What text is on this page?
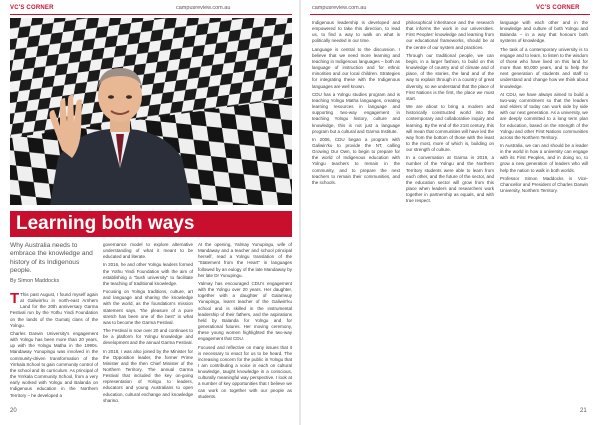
VC'S CORNER	campusreview.com.au
Learning both ways
Why Australia needs to embrace the knowledge and history of its Indigenous people.
By Simon Maddocks

T This past August, I found myself again at Galiwin'ku in north-east Arnhem Land for the 20th anniversary Garma Festival run by the Yothu Yindi Foundation on the lands of the Gumatj clans of the Yolngu.

Charles Darwin University's engagement with Yolngu has been more than 20 years, up with the Yolngu Matha in the 1990s. Mandaway Yunupingu was involved in the community-driven transformation of the Yirrkala School to gain community control of the school and its curriculum. As principal of the Yirrkala Community School, from a very early worked with Yolngu and Balanda on Indigenous education in the Northern Territory – he developed a

governance model to explore alternative understanding of what it meant to be educated and literate.

In 2016, he and other Yolngu leaders formed the Yothu Yindi Foundation with the aim of establishing a "bush university" to facilitate the teaching of traditional knowledge.

Focusing on Yolngu traditions, culture, art and language and sharing the knowledge with the world, as the foundation's mission statement says, "the pleasure of a pure stretch has been one of the best" in what was to become the Garma Festival.

The Festival is now over 20 and continues to be a platform for Yolngu knowledge and development and the annual Garma Festival.

In 2018, I was also joined by the Minister for the Opposition leader, the former Prime Minister and the then Chief Minister of the Northern Territory. The annual Garma Festival that included the key on-going representation of Yolngu to leaders, educators and young Australians to open education, cultural exchange and knowledge sharing.

At the opening, Yalmay Yunupingu, wife of Mandaway and a teacher and school principal herself, read a Yolngu translation of the "Statement from the Heart" in languages followed by an eulogy of the late Mandaway by her late Dr Yunupingu.

Yalmay has encouraged CDU's engagement with the Yolngu over 20 years. Her daughter, together with a daughter of Galarrwuy Yunupingu, learnt teacher of the Galiwin'ku school and is skilled in the instrumental leadership of their fathers, and the aspirations held by Balanda for Yolngu and for generational futures. Her moving ceremony, these young women highlighted the two-way engagement that CDU.

Focused and reflective on many issues that it is necessary to enact for us to be heard. The increasing concern for the public in Yolngu that I am contributing a voice in each on cultural knowledge, taught knowledge in a conscious, culturally meaningful way perspective. I look at a number of key opportunities that I believe we can work on together with our people as students.

20
campusreview.com.au	VC'S CORNER

Indigenous leadership is developed and empowered to take this direction, to lead us, to find a way to walk on what is politically needed in our time.

Language is central to the discussion. I believe that we need more learning and teaching in Indigenous languages – both as language of instruction and for ethnic minorities and our local children. Strategies for integrating these with the Indigenous languages are well known.

CDU has a Yolngu studies program and is teaching Yolngu Matha languages, creating learning resources in language and supporting two-way engagement in teaching Yolngu history, culture and knowledge, this is not just a language program but a cultural and Garma Institute.

In 2006, CDU began a program with Galiwin'ku to provide the NT, calling Growing Our Own, to begin to prepare for the world of Indigenous education with Yolngu teachers to remain in the community, and to prepare the next teachers to remain their communities, and the schools.

philosophical inheritance and the research that informs the work in our universities. First Peoples' knowledge and learning from our educational frameworks, should be at the centre of our system and practices.

Through our traditional people, we can begin, in a larger fashion, to build on this knowledge of country and of climate and of place, of the stories, the land and of the way to explain through in a country of great diversity, so we understand that the place of First Nations is the first, the place we must start.

We are about to bring a modern and historically constructed world into the contemporary and collaborative inquiry and learning. By the end of the 21st century, this will mean that communities will have led the way from the bottom of those with the least to the most, more of which is, building on our strength of culture.

In a conversation at Garma in 2019, a number of the Yolngu and the Northern Territory students were able to learn from each other, and the future of the sector, and the education sector will grow from this place when leaders and researchers work together in partnership as equals, and with true respect.

language with each other and in the knowledge and culture of both Yolngu and Balanda – in a way that honours both systems of knowledge.

The task of a contemporary university is to engage and to learn, to listen to the wisdom of those who have lived on this land for more than 60,000 years, and to help the next generation of students and staff to understand and change how we think about knowledge.

At CDU, we have always aimed to build a two-way commitment so that the leaders and elders of today can work side by side with our next generation. As a university, we are deeply committed to a long term plan for education, based on the strength of the Yolngu and other First Nations communities across the Northern Territory.

In Australia, we can and should be a leader in the world in how a university can engage with its First Peoples, and in doing so, to grow a new generation of leaders who will help the nation to walk in both worlds.

Professor Simon Maddocks is Vice-Chancellor and President of Charles Darwin University, Northern Territory.

21
